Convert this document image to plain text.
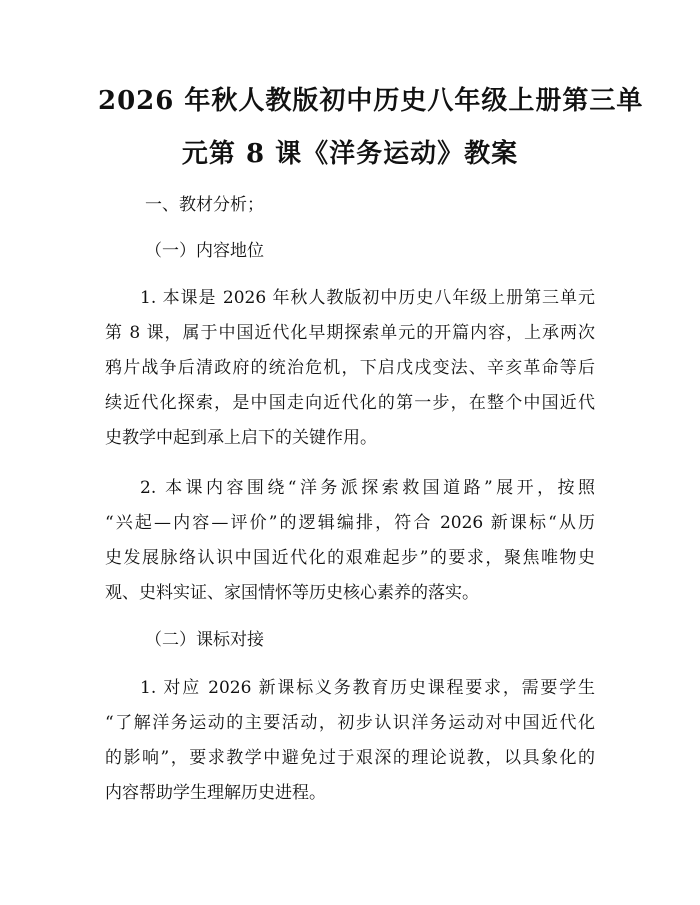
2026 年秋人教版初中历史八年级上册第三单
元第 8 课《洋务运动》教案
一、教材分析；
（一）内容地位
1. 本课是 2026 年秋人教版初中历史八年级上册第三单元
第 8 课，属于中国近代化早期探索单元的开篇内容，上承两次
鸦片战争后清政府的统治危机，下启戊戌变法、辛亥革命等后
续近代化探索，是中国走向近代化的第一步，在整个中国近代
史教学中起到承上启下的关键作用。
2. 本课内容围绕“洋务派探索救国道路”展开，按照
“兴起—内容—评价”的逻辑编排，符合 2026 新课标“从历
史发展脉络认识中国近代化的艰难起步”的要求，聚焦唯物史
观、史料实证、家国情怀等历史核心素养的落实。
（二）课标对接
1. 对应 2026 新课标义务教育历史课程要求，需要学生
“了解洋务运动的主要活动，初步认识洋务运动对中国近代化
的影响”，要求教学中避免过于艰深的理论说教，以具象化的
内容帮助学生理解历史进程。
